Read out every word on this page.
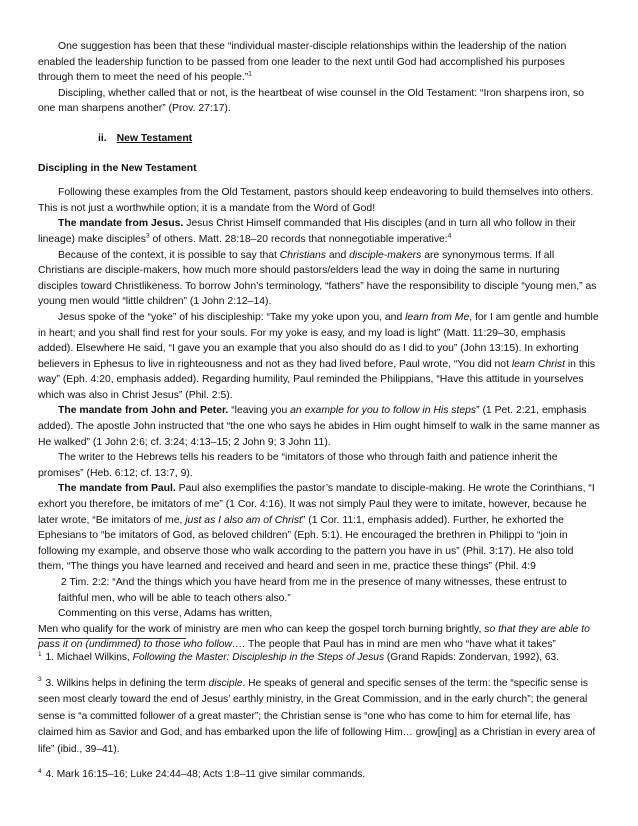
One suggestion has been that these “individual master-disciple relationships within the leadership of the nation enabled the leadership function to be passed from one leader to the next until God had accomplished his purposes through them to meet the need of his people.”$^1$

Discipling, whether called that or not, is the heartbeat of wise counsel in the Old Testament: “Iron sharpens iron, so one man sharpens another” (Prov. 27:17).

ii. New Testament

Discipling in the New Testament

Following these examples from the Old Testament, pastors should keep endeavoring to build themselves into others. This is not just a worthwhile option; it is a mandate from the Word of God!

The mandate from Jesus. Jesus Christ Himself commanded that His disciples (and in turn all who follow in their lineage) make disciples$^3$ of others. Matt. 28:18–20 records that nonnegotiable imperative:$^4$

Because of the context, it is possible to say that Christians and disciple-makers are synonymous terms. If all Christians are disciple-makers, how much more should pastors/elders lead the way in doing the same in nurturing disciples toward Christlikeness. To borrow John’s terminology, “fathers” have the responsibility to disciple “young men,” as young men would “little children” (1 John 2:12–14).

Jesus spoke of the “yoke” of his discipleship: “Take my yoke upon you, and learn from Me, for I am gentle and humble in heart; and you shall find rest for your souls. For my yoke is easy, and my load is light” (Matt. 11:29–30, emphasis added). Elsewhere He said, “I gave you an example that you also should do as I did to you” (John 13:15). In exhorting believers in Ephesus to live in righteousness and not as they had lived before, Paul wrote, “You did not learn Christ in this way” (Eph. 4:20, emphasis added). Regarding humility, Paul reminded the Philippians, “Have this attitude in yourselves which was also in Christ Jesus” (Phil. 2:5).

The mandate from John and Peter. “leaving you an example for you to follow in His steps” (1 Pet. 2:21, emphasis added). The apostle John instructed that “the one who says he abides in Him ought himself to walk in the same manner as He walked” (1 John 2:6; cf. 3:24; 4:13–15; 2 John 9; 3 John 11).

The writer to the Hebrews tells his readers to be “imitators of those who through faith and patience inherit the promises” (Heb. 6:12; cf. 13:7, 9).

The mandate from Paul. Paul also exemplifies the pastor’s mandate to disciple-making. He wrote the Corinthians, “I exhort you therefore, be imitators of me” (1 Cor. 4:16). It was not simply Paul they were to imitate, however, because he later wrote, “Be imitators of me, just as I also am of Christ” (1 Cor. 11:1, emphasis added). Further, he exhorted the Ephesians to “be imitators of God, as beloved children” (Eph. 5:1). He encouraged the brethren in Philippi to “join in following my example, and observe those who walk according to the pattern you have in us” (Phil. 3:17). He also told them, “The things you have learned and received and heard and seen in me, practice these things” (Phil. 4:9

2 Tim. 2:2: “And the things which you have heard from me in the presence of many witnesses, these entrust to faithful men, who will be able to teach others also.”

Commenting on this verse, Adams has written,

Men who qualify for the work of ministry are men who can keep the gospel torch burning brightly, so that they are able to pass it on (undimmed) to those who follow.… The people that Paul has in mind are men who “have what it takes”

$^1$ 1. Michael Wilkins, Following the Master: Discipleship in the Steps of Jesus (Grand Rapids: Zondervan, 1992), 63.

$^3$ 3. Wilkins helps in defining the term disciple. He speaks of general and specific senses of the term: the “specific sense is seen most clearly toward the end of Jesus’ earthly ministry, in the Great Commission, and in the early church”; the general sense is “a committed follower of a great master”; the Christian sense is “one who has come to him for eternal life, has claimed him as Savior and God, and has embarked upon the life of following Him… grow[ing] as a Christian in every area of life” (ibid., 39–41).

$^4$ 4. Mark 16:15–16; Luke 24:44–48; Acts 1:8–11 give similar commands.
